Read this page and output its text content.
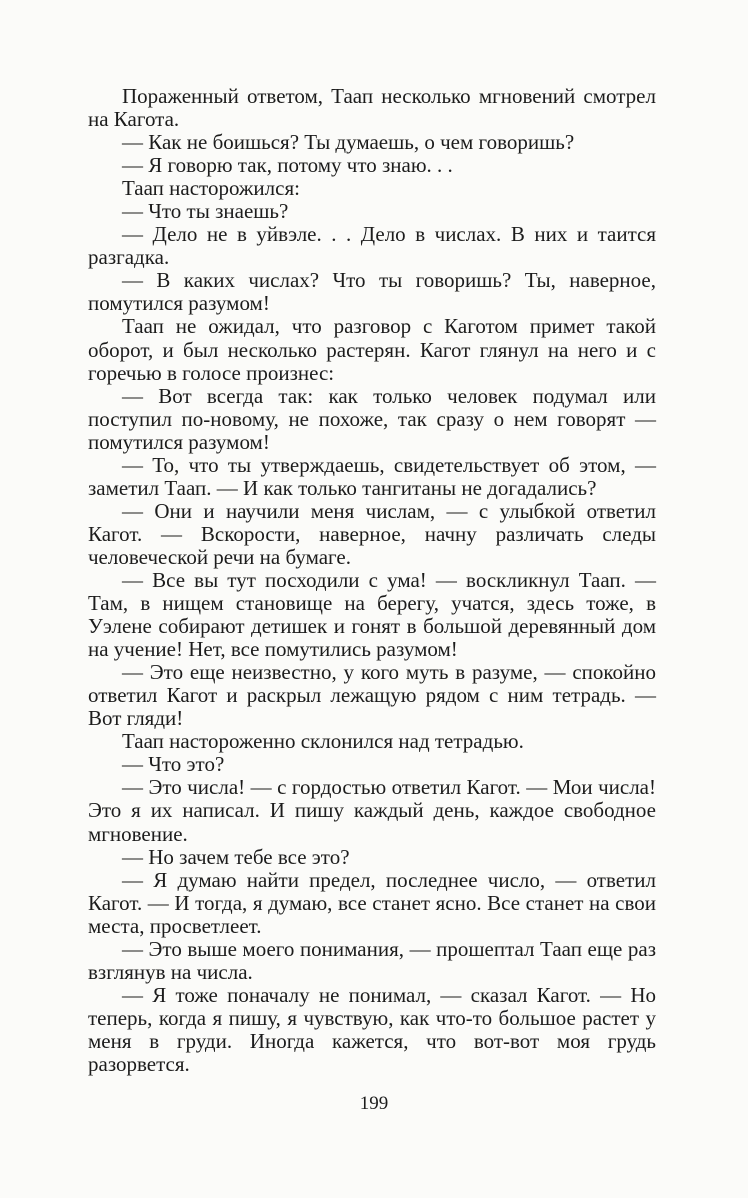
Пораженный ответом, Таап несколько мгновений смотрел на Кагота.

— Как не боишься? Ты думаешь, о чем говоришь?

— Я говорю так, потому что знаю. . .

Таап насторожился:

— Что ты знаешь?

— Дело не в уйвэле. . . Дело в числах. В них и таится разгадка.

— В каких числах? Что ты говоришь? Ты, наверное, помутился разумом!

Таап не ожидал, что разговор с Каготом примет такой оборот, и был несколько растерян. Кагот глянул на него и с горечью в голосе произнес:

— Вот всегда так: как только человек подумал или поступил по-новому, не похоже, так сразу о нем говорят — помутился разумом!

— То, что ты утверждаешь, свидетельствует об этом, — заметил Таап. — И как только тангитаны не догадались?

— Они и научили меня числам, — с улыбкой ответил Кагот. — Вскорости, наверное, начну различать следы человеческой речи на бумаге.

— Все вы тут посходили с ума! — воскликнул Таап. — Там, в нищем становище на берегу, учатся, здесь тоже, в Уэлене собирают детишек и гонят в большой деревянный дом на учение! Нет, все помутились разумом!

— Это еще неизвестно, у кого муть в разуме, — спокойно ответил Кагот и раскрыл лежащую рядом с ним тетрадь. — Вот гляди!

Таап настороженно склонился над тетрадью.

— Что это?

— Это числа! — с гордостью ответил Кагот. — Мои числа! Это я их написал. И пишу каждый день, каждое свободное мгновение.

— Но зачем тебе все это?

— Я думаю найти предел, последнее число, — ответил Кагот. — И тогда, я думаю, все станет ясно. Все станет на свои места, просветлеет.

— Это выше моего понимания, — прошептал Таап еще раз взглянув на числа.

— Я тоже поначалу не понимал, — сказал Кагот. — Но теперь, когда я пишу, я чувствую, как что-то большое растет у меня в груди. Иногда кажется, что вот-вот моя грудь разорвется.

199
